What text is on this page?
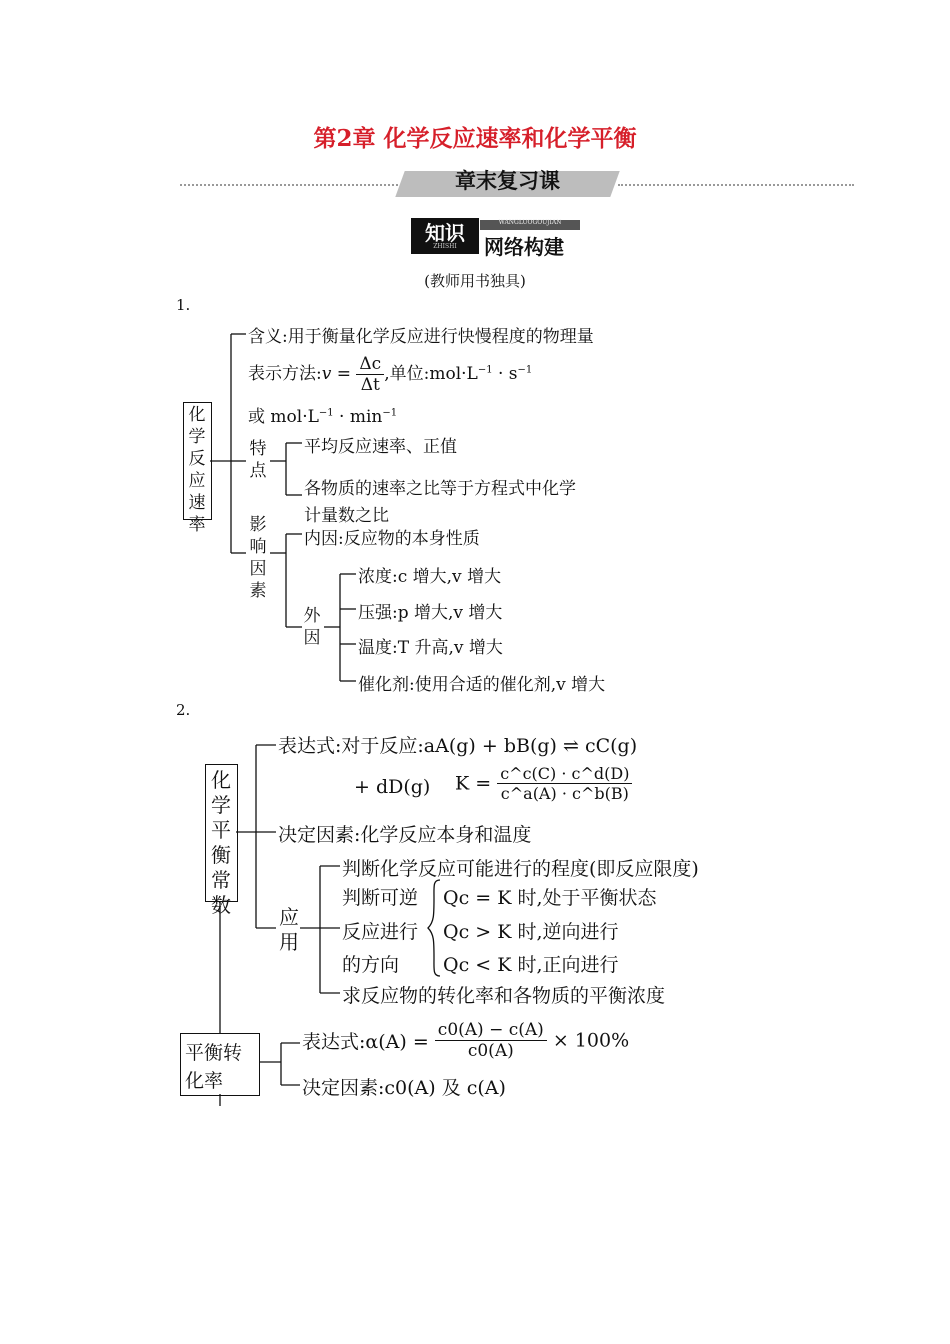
第2章 化学反应速率和化学平衡
章末复习课
知识
ZHISHI
WANGLUOGOUJIAN
网络构建
(教师用书独具)
1.
化学反应速率
含义:用于衡量化学反应进行快慢程度的物理量
表示方法:v = $\frac{\Delta c}{\Delta t}$ ,单位$:mol\cdot L^{-1} \cdot s^{-1}$
或 $mol\cdot L^{-1} \cdot \min^{-1}$
特点
平均反应速率、正值
各物质的速率之比等于方程式中化学
计量数之比
影响因素
内因:反应物的本身性质
外因
浓度:c 增大,v 增大
压强:p 增大,v 增大
温度:T 升高,v 增大
催化剂:使用合适的催化剂,v 增大
2.
化学平衡常数
表达式:对于反应:aA(g) + bB(g) ⇌ cC(g)
+ dD(g) $K = \frac{c\^{}c(C) \cdot c\^{}d(D)}{c\^{}a(A) \cdot c\^{}b(B)}$
决定因素:化学反应本身和温度
应用
判断化学反应可能进行的程度(即反应限度)
判断可逆
反应进行
的方向
Qc = K 时,处于平衡状态
Qc > K 时,逆向进行
Qc < K 时,正向进行
求反应物的转化率和各物质的平衡浓度
平衡转
化率
表达式:α(A) = $\frac{c0(A) - c(A)}{c0(A)} \times 100\%$
决定因素:c0(A) 及 c(A)
